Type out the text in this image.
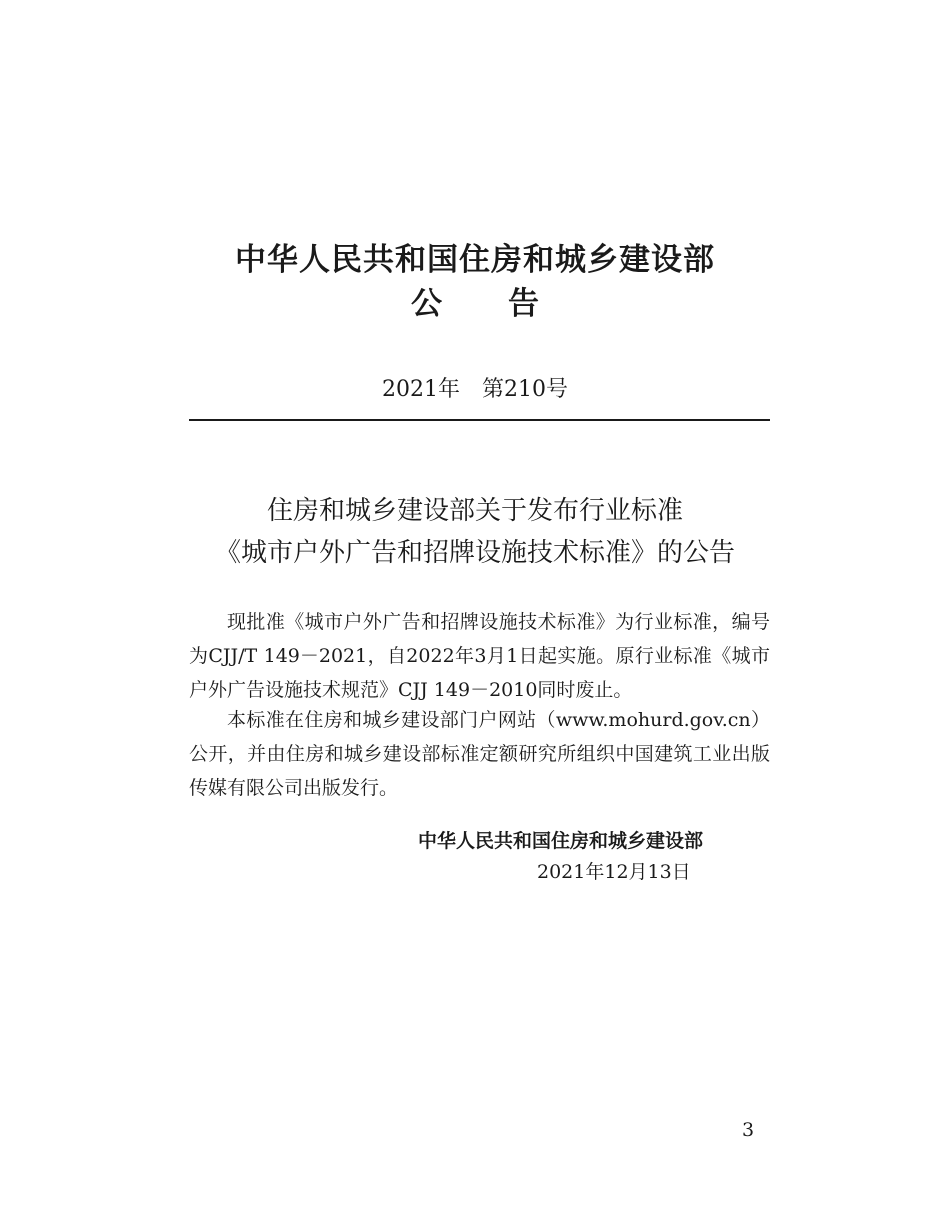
中华人民共和国住房和城乡建设部
公 告
2021年 第210号
住房和城乡建设部关于发布行业标准
《城市户外广告和招牌设施技术标准》的公告
现批准《城市户外广告和招牌设施技术标准》为行业标准，编号为CJJ/T 149－2021，自2022年3月1日起实施。原行业标准《城市户外广告设施技术规范》CJJ 149－2010同时废止。
本标准在住房和城乡建设部门户网站（www.mohurd.gov.cn）公开，并由住房和城乡建设部标准定额研究所组织中国建筑工业出版传媒有限公司出版发行。
中华人民共和国住房和城乡建设部
2021年12月13日
3
